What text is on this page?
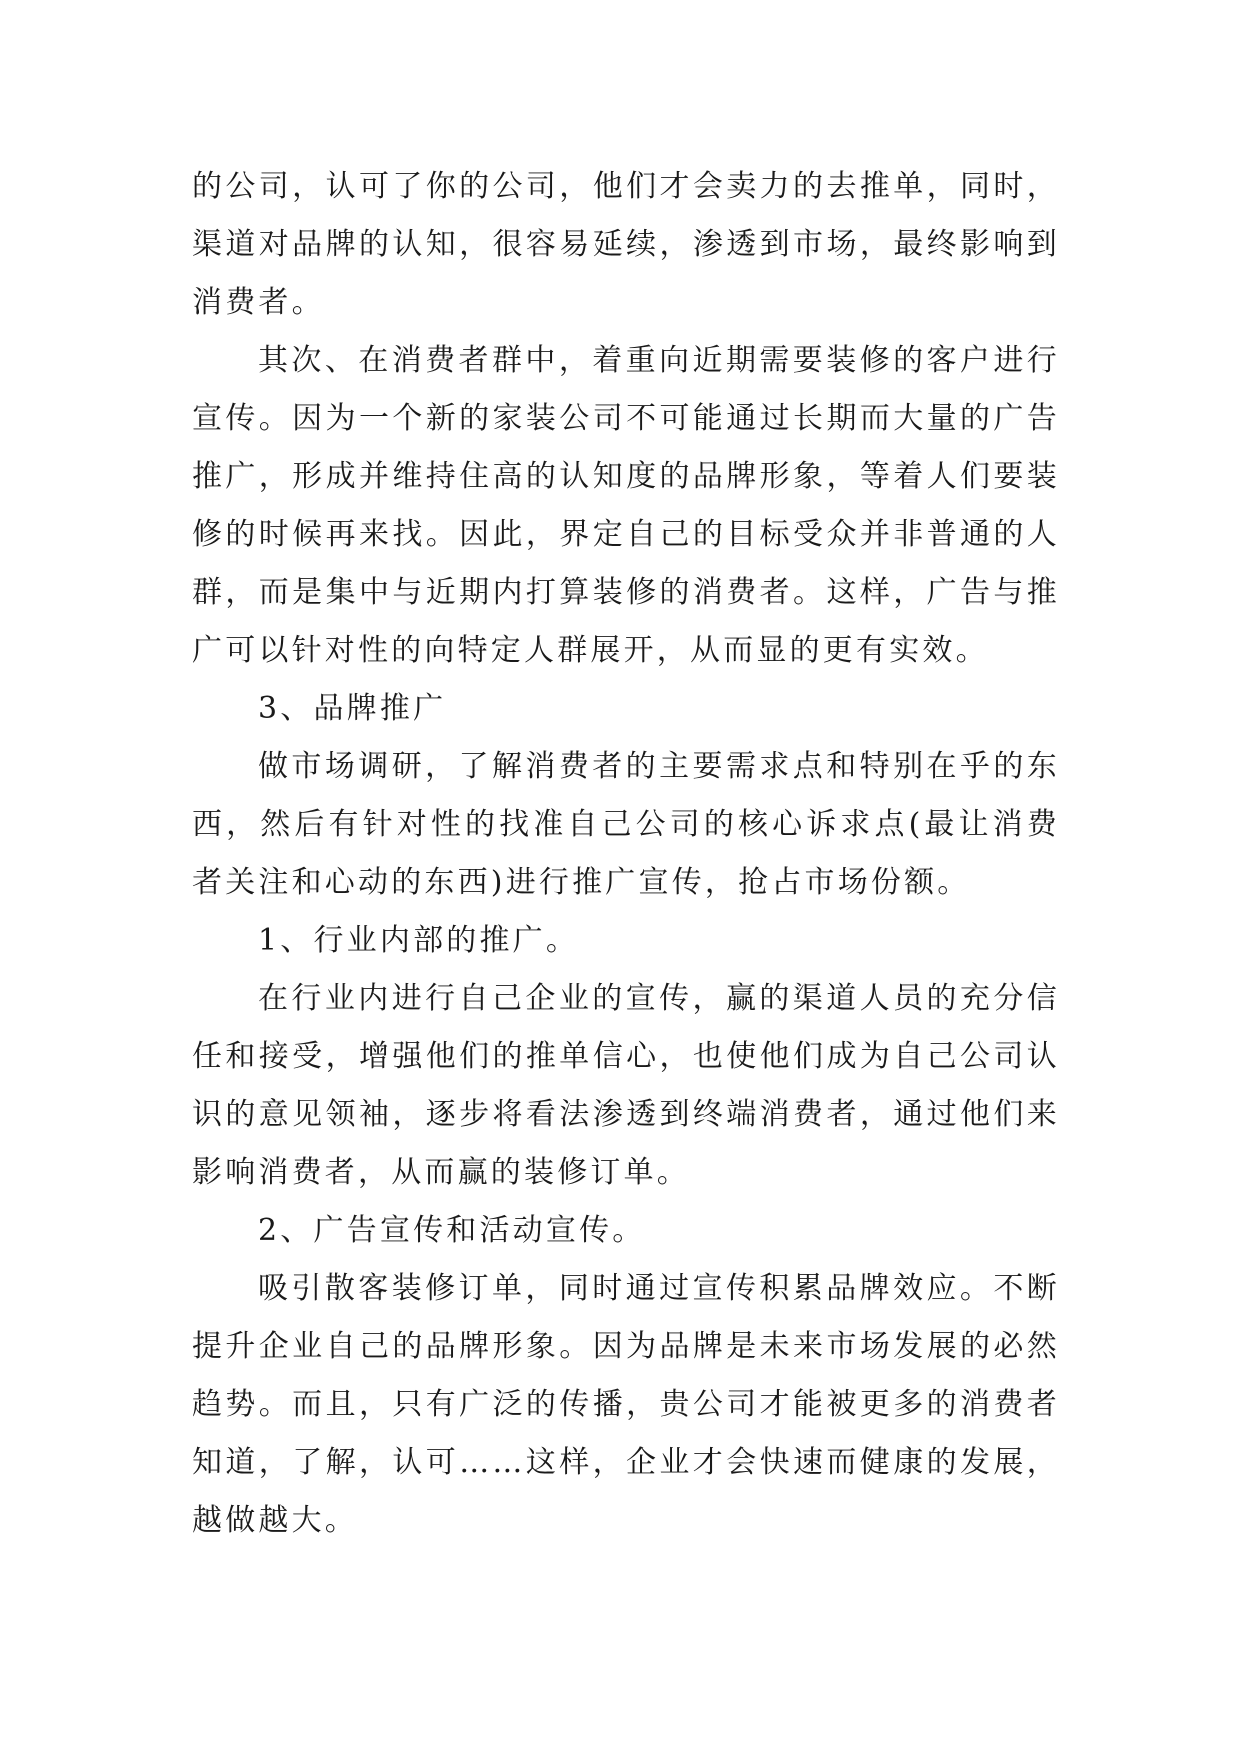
的公司，认可了你的公司，他们才会卖力的去推单，同时，渠道对品牌的认知，很容易延续，渗透到市场，最终影响到消费者。

其次、在消费者群中，着重向近期需要装修的客户进行宣传。因为一个新的家装公司不可能通过长期而大量的广告推广，形成并维持住高的认知度的品牌形象，等着人们要装修的时候再来找。因此，界定自己的目标受众并非普通的人群，而是集中与近期内打算装修的消费者。这样，广告与推广可以针对性的向特定人群展开，从而显的更有实效。

3、品牌推广

做市场调研，了解消费者的主要需求点和特别在乎的东西，然后有针对性的找准自己公司的核心诉求点(最让消费者关注和心动的东西)进行推广宣传，抢占市场份额。

1、行业内部的推广。

在行业内进行自己企业的宣传，赢的渠道人员的充分信任和接受，增强他们的推单信心，也使他们成为自己公司认识的意见领袖，逐步将看法渗透到终端消费者，通过他们来影响消费者，从而赢的装修订单。

2、广告宣传和活动宣传。

吸引散客装修订单，同时通过宣传积累品牌效应。不断提升企业自己的品牌形象。因为品牌是未来市场发展的必然趋势。而且，只有广泛的传播，贵公司才能被更多的消费者知道，了解，认可……这样，企业才会快速而健康的发展，越做越大。
